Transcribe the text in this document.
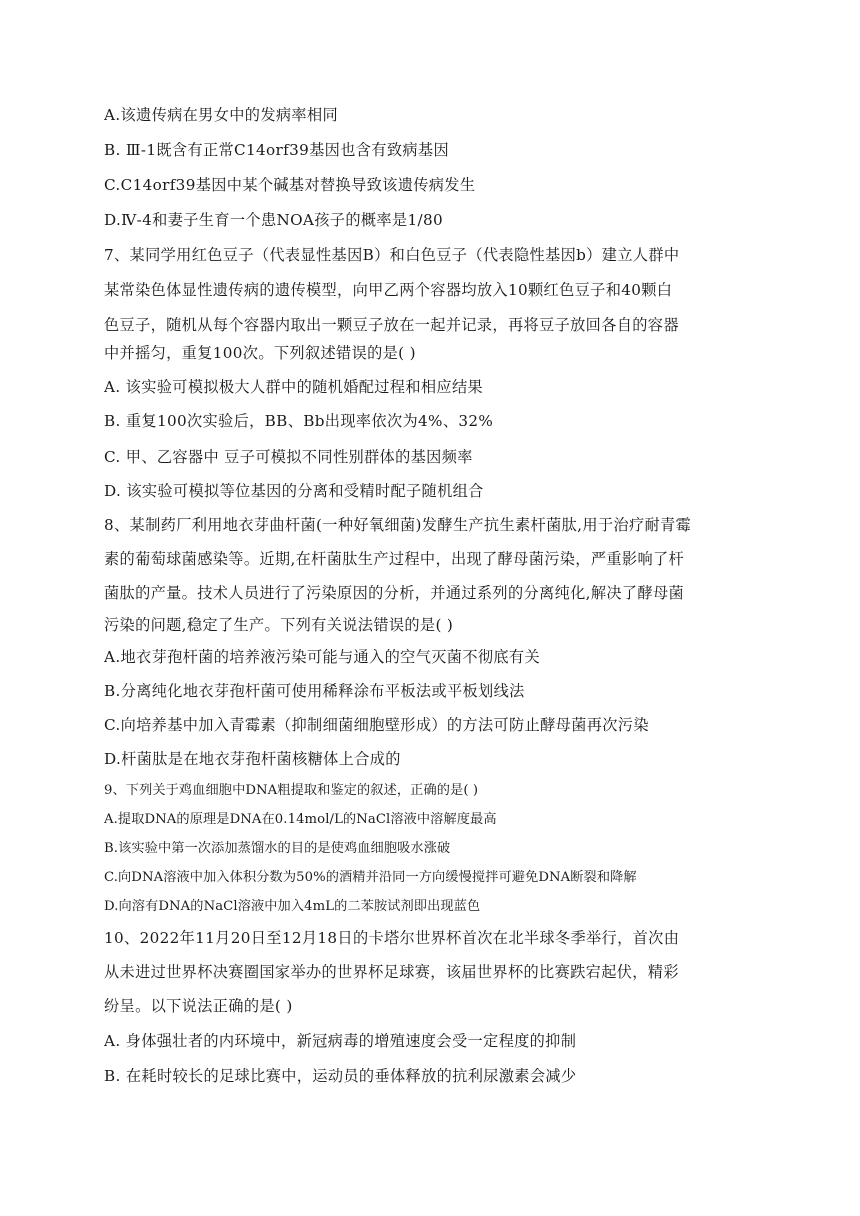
A.该遗传病在男女中的发病率相同
B. Ⅲ-1既含有正常C14orf39基因也含有致病基因
C.C14orf39基因中某个碱基对替换导致该遗传病发生
D.Ⅳ-4和妻子生育一个患NOA孩子的概率是1/80
7、某同学用红色豆子（代表显性基因B）和白色豆子（代表隐性基因b）建立人群中
某常染色体显性遗传病的遗传模型，向甲乙两个容器均放入10颗红色豆子和40颗白
色豆子，随机从每个容器内取出一颗豆子放在一起并记录，再将豆子放回各自的容器
中并摇匀，重复100次。下列叙述错误的是( )
A. 该实验可模拟极大人群中的随机婚配过程和相应结果
B. 重复100次实验后，BB、Bb出现率依次为4%、32%
C. 甲、乙容器中 豆子可模拟不同性别群体的基因频率
D. 该实验可模拟等位基因的分离和受精时配子随机组合
8、某制药厂利用地衣芽曲杆菌(一种好氧细菌)发酵生产抗生素杆菌肽,用于治疗耐青霉
素的葡萄球菌感染等。近期,在杆菌肽生产过程中，出现了酵母菌污染，严重影响了杆
菌肽的产量。技术人员进行了污染原因的分析，并通过系列的分离纯化,解决了酵母菌
污染的问题,稳定了生产。下列有关说法错误的是( )
A.地衣芽孢杆菌的培养液污染可能与通入的空气灭菌不彻底有关
B.分离纯化地衣芽孢杆菌可使用稀释涂布平板法或平板划线法
C.向培养基中加入青霉素（抑制细菌细胞壁形成）的方法可防止酵母菌再次污染
D.杆菌肽是在地衣芽孢杆菌核糖体上合成的
9、下列关于鸡血细胞中DNA粗提取和鉴定的叙述，正确的是( )
A.提取DNA的原理是DNA在0.14mol/L的NaCl溶液中溶解度最高
B.该实验中第一次添加蒸馏水的目的是使鸡血细胞吸水涨破
C.向DNA溶液中加入体积分数为50%的酒精并沿同一方向缓慢搅拌可避免DNA断裂和降解
D.向溶有DNA的NaCl溶液中加入4mL的二苯胺试剂即出现蓝色
10、2022年11月20日至12月18日的卡塔尔世界杯首次在北半球冬季举行，首次由
从未进过世界杯决赛圈国家举办的世界杯足球赛，该届世界杯的比赛跌宕起伏，精彩
纷呈。以下说法正确的是( )
A. 身体强壮者的内环境中，新冠病毒的增殖速度会受一定程度的抑制
B. 在耗时较长的足球比赛中，运动员的垂体释放的抗利尿激素会减少
